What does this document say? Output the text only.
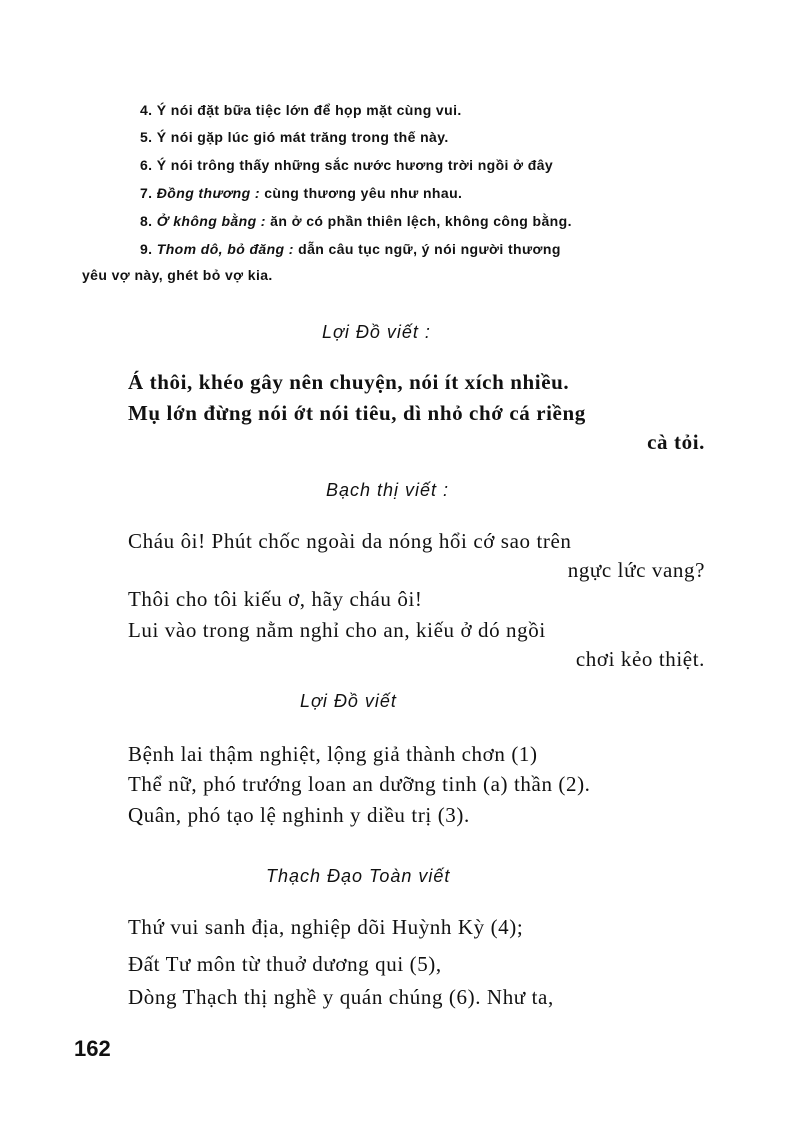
4. Ý nói đặt bữa tiệc lớn để họp mặt cùng vui.
5. Ý nói gặp lúc gió mát trăng trong thế này.
6. Ý nói trông thấy những sắc nước hương trời ngồi ở đây
7. Đồng thương : cùng thương yêu như nhau.
8. Ở không bằng : ăn ở có phần thiên lệch, không công bằng.
9. Thom dô, bỏ đăng : dẫn câu tục ngữ, ý nói người thương
yêu vợ này, ghét bỏ vợ kia.
Lợi Đồ viết :
Á thôi, khéo gây nên chuyện, nói ít xích nhiều.
Mụ lớn đừng nói ớt nói tiêu, dì nhỏ chớ cá riềng
cà tỏi.
Bạch thị viết :
Cháu ôi! Phút chốc ngoài da nóng hổi cớ sao trên
ngực lức vang?
Thôi cho tôi kiếu ơ, hãy cháu ôi!
Lui vào trong nằm nghỉ cho an, kiếu ở dó ngồi
chơi kẻo thiệt.
Lợi Đồ viết
Bệnh lai thậm nghiệt, lộng giả thành chơn (1)
Thể nữ, phó trướng loan an dưỡng tinh (a) thần (2).
Quân, phó tạo lệ nghinh y diều trị (3).
Thạch Đạo Toàn viết
Thứ vui sanh địa, nghiệp dõi Huỳnh Kỳ (4);
Đất Tư môn từ thuở dương qui (5),
Dòng Thạch thị nghề y quán chúng (6). Như ta,
162
